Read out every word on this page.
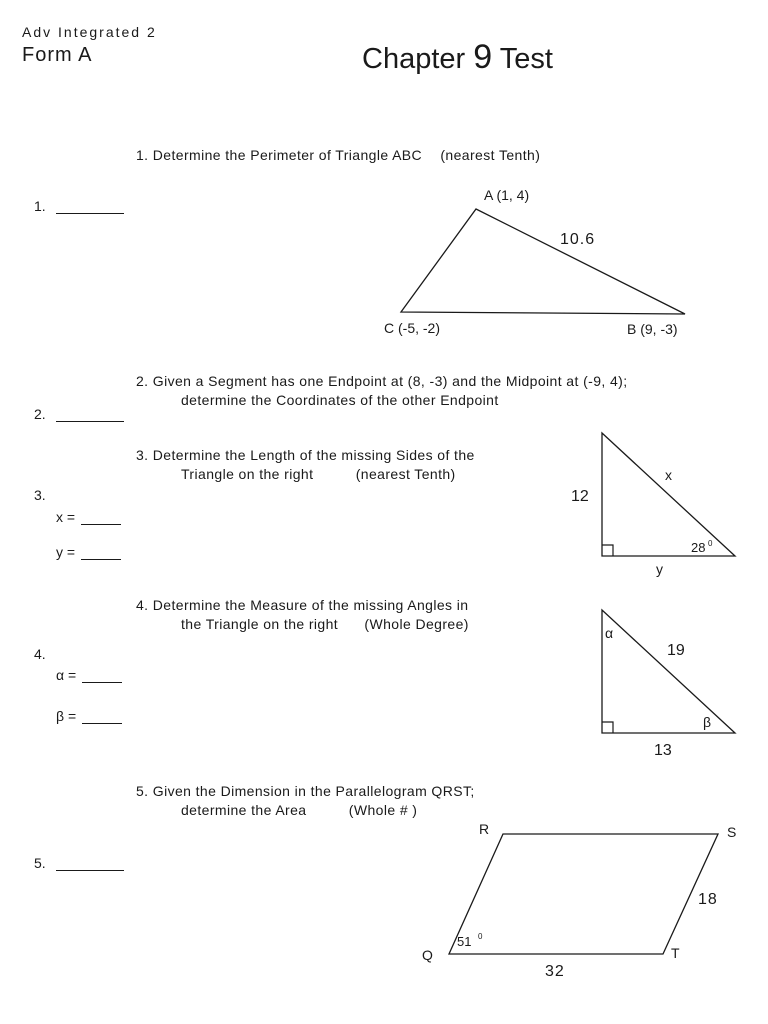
Adv Integrated 2
Form A	Chapter 9 Test
1. Determine the Perimeter of Triangle ABC (nearest Tenth)
2. Given a Segment has one Endpoint at (8, -3) and the Midpoint at (-9, 4);
determine the Coordinates of the other Endpoint
3. Determine the Length of the missing Sides of the
Triangle on the right	(nearest Tenth)
4. Determine the Measure of the missing Angles in
the Triangle on the right (Whole Degree)
5. Given the Dimension in the Parallelogram QRST;
determine the Area	(Whole # )
1.
2.
3.
x =
y =
4.
α =
β =
5.
A (1, 4)
B (9, -3)
C (-5, -2)
10.6
12
x
y
28 0
α
β
19
13
R	S
Q	T
18
32
51 0
